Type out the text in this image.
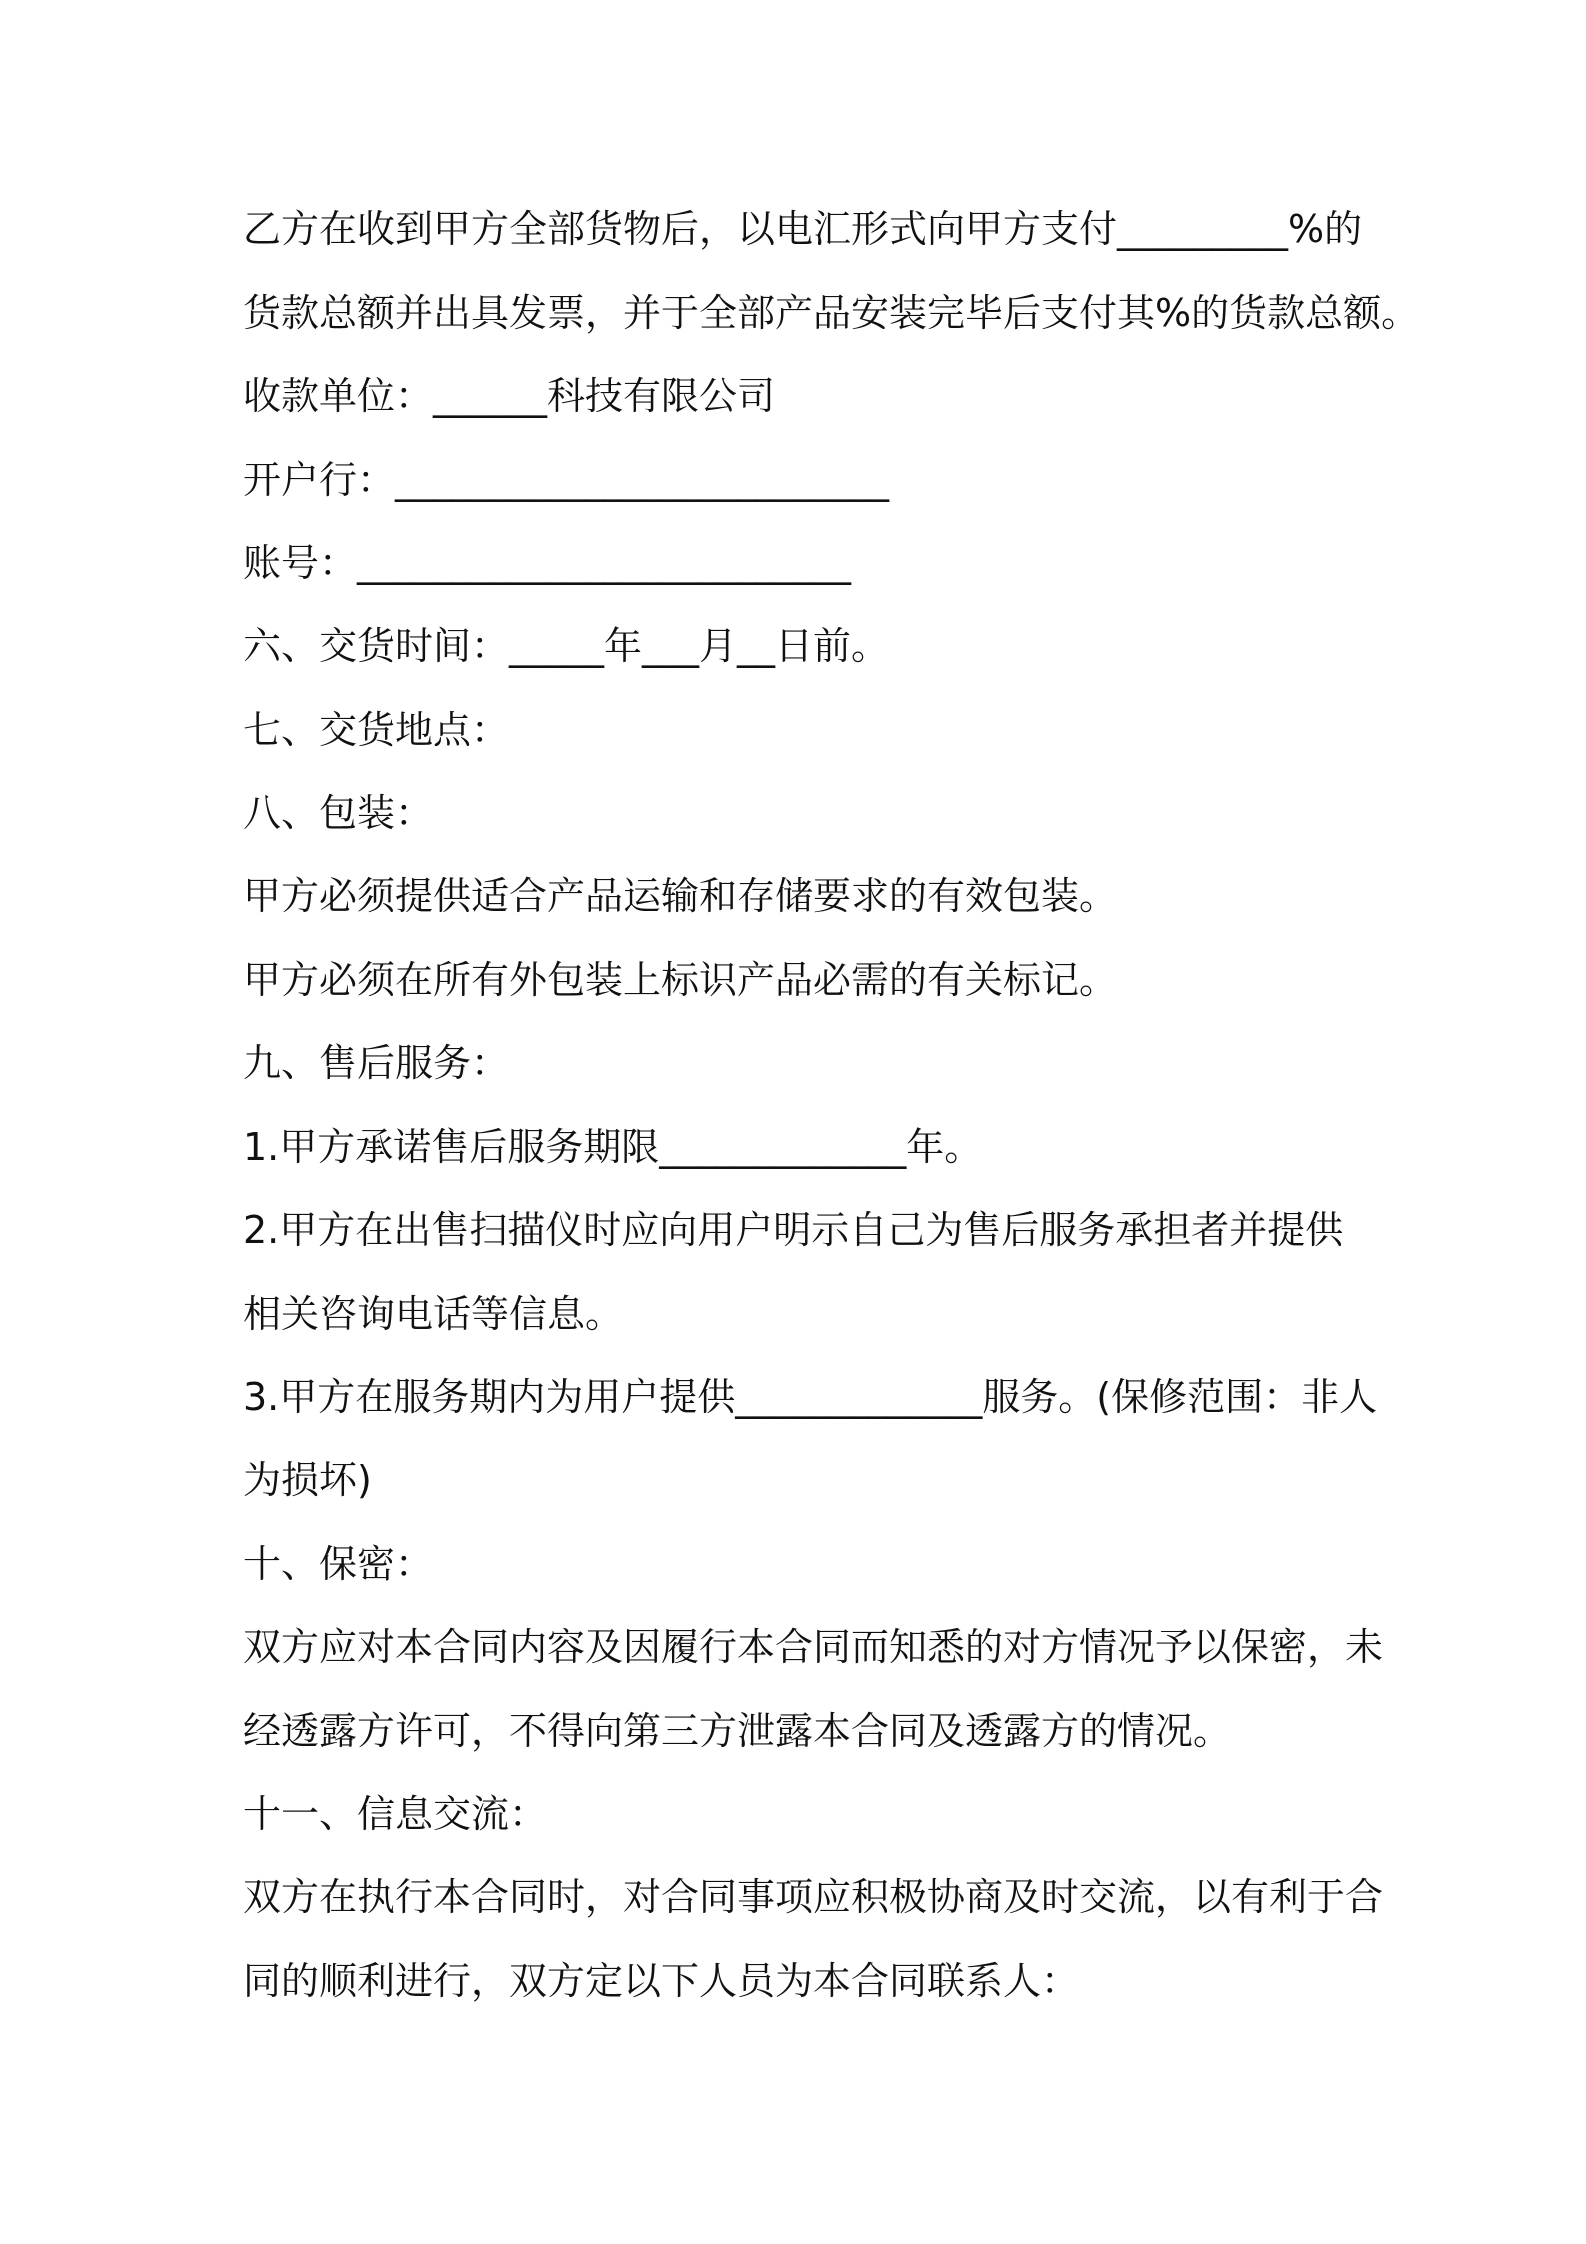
乙方在收到甲方全部货物后，以电汇形式向甲方支付_________%的

货款总额并出具发票，并于全部产品安装完毕后支付其%的货款总额。

收款单位：______科技有限公司

开户行：__________________________

账号：__________________________

六、交货时间：_____年___月__日前。

七、交货地点：

八、包装：

甲方必须提供适合产品运输和存储要求的有效包装。

甲方必须在所有外包装上标识产品必需的有关标记。

九、售后服务：

1.甲方承诺售后服务期限_____________年。

2.甲方在出售扫描仪时应向用户明示自己为售后服务承担者并提供

相关咨询电话等信息。

3.甲方在服务期内为用户提供_____________服务。(保修范围：非人

为损坏)

十、保密：

双方应对本合同内容及因履行本合同而知悉的对方情况予以保密，未

经透露方许可，不得向第三方泄露本合同及透露方的情况。

十一、信息交流：

双方在执行本合同时，对合同事项应积极协商及时交流，以有利于合

同的顺利进行，双方定以下人员为本合同联系人：
